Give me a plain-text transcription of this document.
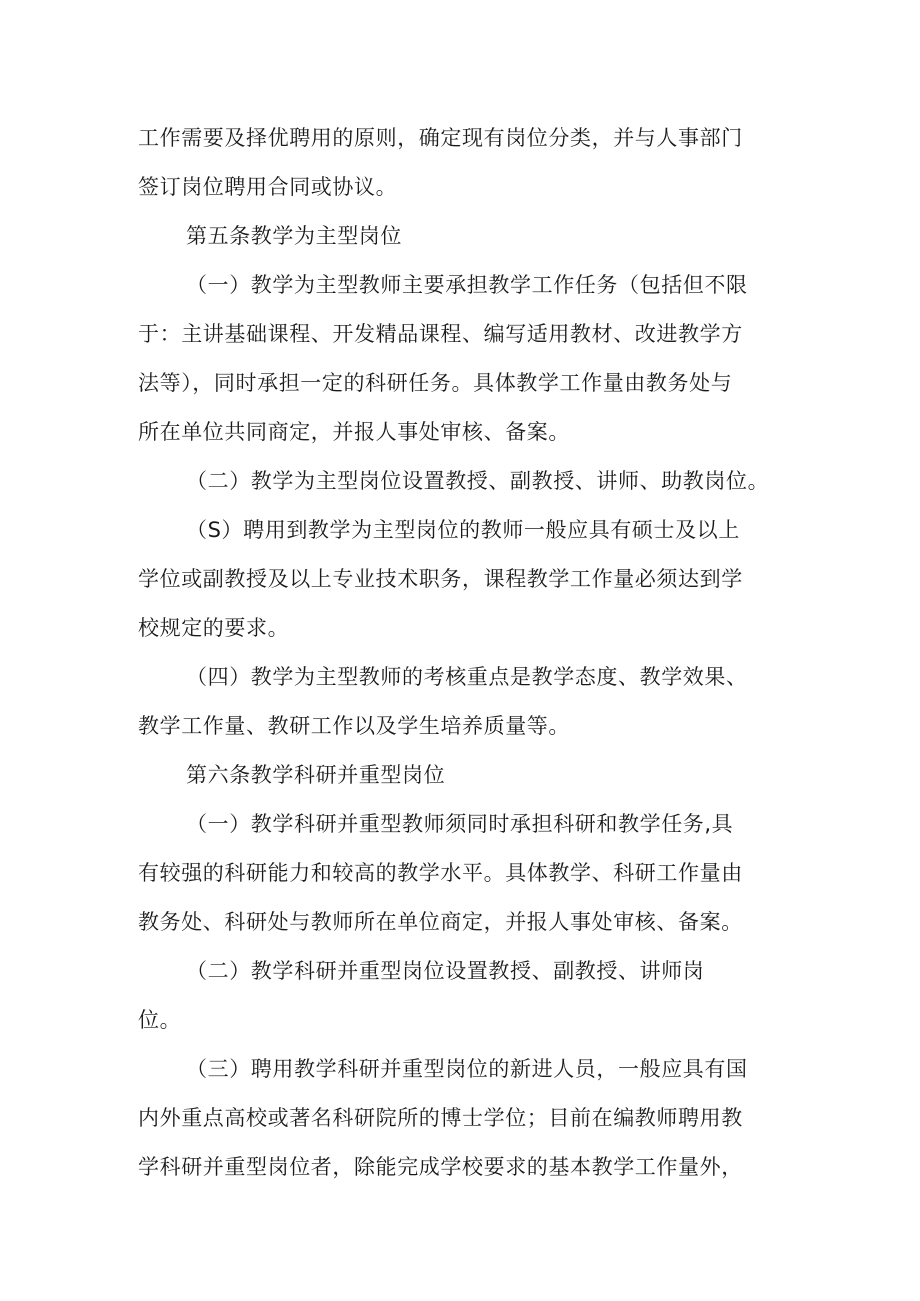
工作需要及择优聘用的原则，确定现有岗位分类，并与人事部门
签订岗位聘用合同或协议。
第五条教学为主型岗位
（一）教学为主型教师主要承担教学工作任务（包括但不限
于：主讲基础课程、开发精品课程、编写适用教材、改进教学方
法等），同时承担一定的科研任务。具体教学工作量由教务处与
所在单位共同商定，并报人事处审核、备案。
（二）教学为主型岗位设置教授、副教授、讲师、助教岗位。
（S）聘用到教学为主型岗位的教师一般应具有硕士及以上
学位或副教授及以上专业技术职务，课程教学工作量必须达到学
校规定的要求。
（四）教学为主型教师的考核重点是教学态度、教学效果、
教学工作量、教研工作以及学生培养质量等。
第六条教学科研并重型岗位
（一）教学科研并重型教师须同时承担科研和教学任务,具
有较强的科研能力和较高的教学水平。具体教学、科研工作量由
教务处、科研处与教师所在单位商定，并报人事处审核、备案。
（二）教学科研并重型岗位设置教授、副教授、讲师岗
位。
（三）聘用教学科研并重型岗位的新进人员，一般应具有国
内外重点高校或著名科研院所的博士学位；目前在编教师聘用教
学科研并重型岗位者，除能完成学校要求的基本教学工作量外，
